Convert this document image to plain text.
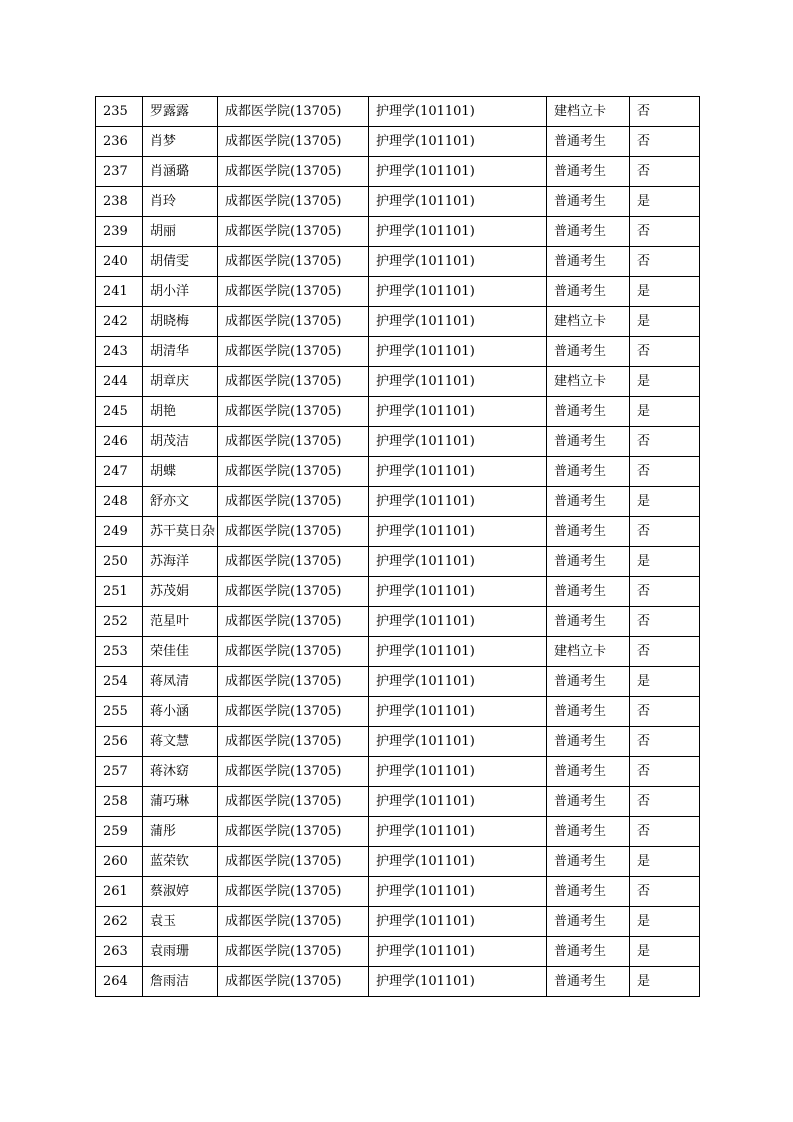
235	罗露露	成都医学院(13705)	护理学(101101)	建档立卡	否
236	肖梦	成都医学院(13705)	护理学(101101)	普通考生	否
237	肖涵璐	成都医学院(13705)	护理学(101101)	普通考生	否
238	肖玲	成都医学院(13705)	护理学(101101)	普通考生	是
239	胡丽	成都医学院(13705)	护理学(101101)	普通考生	否
240	胡倩雯	成都医学院(13705)	护理学(101101)	普通考生	否
241	胡小洋	成都医学院(13705)	护理学(101101)	普通考生	是
242	胡晓梅	成都医学院(13705)	护理学(101101)	建档立卡	是
243	胡清华	成都医学院(13705)	护理学(101101)	普通考生	否
244	胡章庆	成都医学院(13705)	护理学(101101)	建档立卡	是
245	胡艳	成都医学院(13705)	护理学(101101)	普通考生	是
246	胡茂洁	成都医学院(13705)	护理学(101101)	普通考生	否
247	胡蝶	成都医学院(13705)	护理学(101101)	普通考生	否
248	舒亦文	成都医学院(13705)	护理学(101101)	普通考生	是
249	苏干莫日杂	成都医学院(13705)	护理学(101101)	普通考生	否
250	苏海洋	成都医学院(13705)	护理学(101101)	普通考生	是
251	苏茂娟	成都医学院(13705)	护理学(101101)	普通考生	否
252	范星叶	成都医学院(13705)	护理学(101101)	普通考生	否
253	荣佳佳	成都医学院(13705)	护理学(101101)	建档立卡	否
254	蒋凤清	成都医学院(13705)	护理学(101101)	普通考生	是
255	蒋小涵	成都医学院(13705)	护理学(101101)	普通考生	否
256	蒋文慧	成都医学院(13705)	护理学(101101)	普通考生	否
257	蒋沐窈	成都医学院(13705)	护理学(101101)	普通考生	否
258	蒲巧琳	成都医学院(13705)	护理学(101101)	普通考生	否
259	蒲彤	成都医学院(13705)	护理学(101101)	普通考生	否
260	蓝荣钦	成都医学院(13705)	护理学(101101)	普通考生	是
261	蔡淑婷	成都医学院(13705)	护理学(101101)	普通考生	否
262	袁玉	成都医学院(13705)	护理学(101101)	普通考生	是
263	袁雨珊	成都医学院(13705)	护理学(101101)	普通考生	是
264	詹雨洁	成都医学院(13705)	护理学(101101)	普通考生	是
